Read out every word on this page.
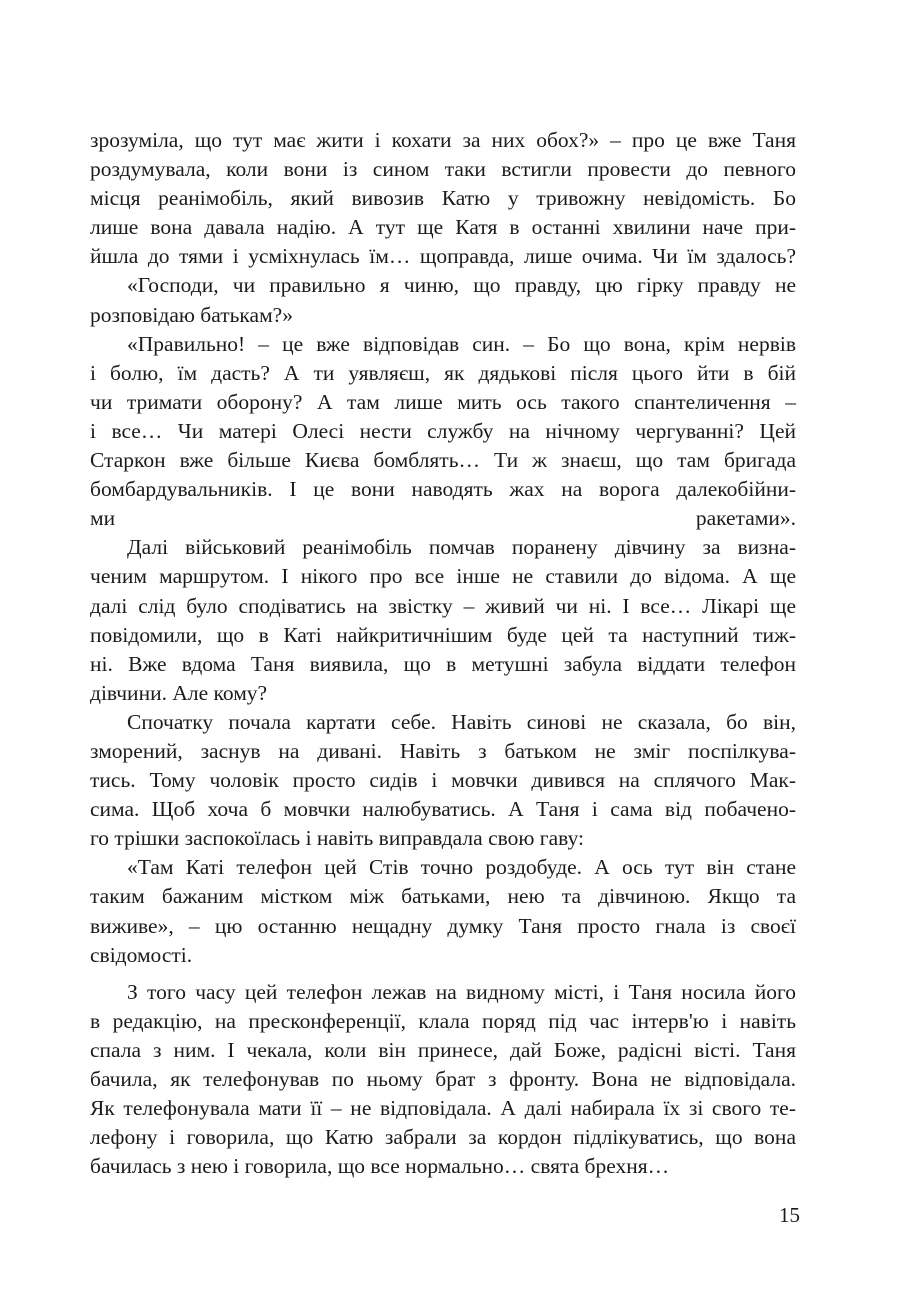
зрозуміла, що тут має жити і кохати за них обох?» – про це вже Таня
роздумувала, коли вони із сином таки встигли провести до певного
місця реанімобіль, який вивозив Катю у тривожну невідомість. Бо
лише вона давала надію. А тут ще Катя в останні хвилини наче при-
йшла до тями і усміхнулась їм… щоправда, лише очима. Чи їм здалось?

«Господи, чи правильно я чиню, що правду, цю гірку правду не
розповідаю батькам?»

«Правильно! – це вже відповідав син. – Бо що вона, крім нервів
і болю, їм дасть? А ти уявляєш, як дядькові після цього йти в бій
чи тримати оборону? А там лише мить ось такого спантеличення –
і все… Чи матері Олесі нести службу на нічному чергуванні? Цей
Старкон вже більше Києва бомблять… Ти ж знаєш, що там бригада
бомбардувальників. І це вони наводять жах на ворога далекобійни-
ми ракетами».

Далі військовий реанімобіль помчав поранену дівчину за визна-
ченим маршрутом. І нікого про все інше не ставили до відома. А ще
далі слід було сподіватись на звістку – живий чи ні. І все… Лікарі ще
повідомили, що в Каті найкритичнішим буде цей та наступний тиж-
ні. Вже вдома Таня виявила, що в метушні забула віддати телефон
дівчини. Але кому?

Спочатку почала картати себе. Навіть синові не сказала, бо він,
зморений, заснув на дивані. Навіть з батьком не зміг поспілкува-
тись. Тому чоловік просто сидів і мовчки дивився на сплячого Мак-
сима. Щоб хоча б мовчки налюбуватись. А Таня і сама від побачено-
го трішки заспокоїлась і навіть виправдала свою гаву:

«Там Каті телефон цей Стів точно роздобуде. А ось тут він стане
таким бажаним містком між батьками, нею та дівчиною. Якщо та
виживе», – цю останню нещадну думку Таня просто гнала із своєї
свідомості.

З того часу цей телефон лежав на видному місті, і Таня носила його
в редакцію, на пресконференції, клала поряд під час інтерв'ю і навіть
спала з ним. І чекала, коли він принесе, дай Боже, радісні вісті. Таня
бачила, як телефонував по ньому брат з фронту. Вона не відповідала.
Як телефонувала мати її – не відповідала. А далі набирала їх зі свого те-
лефону і говорила, що Катю забрали за кордон підлікуватись, що вона
бачилась з нею і говорила, що все нормально… свята брехня…

15
